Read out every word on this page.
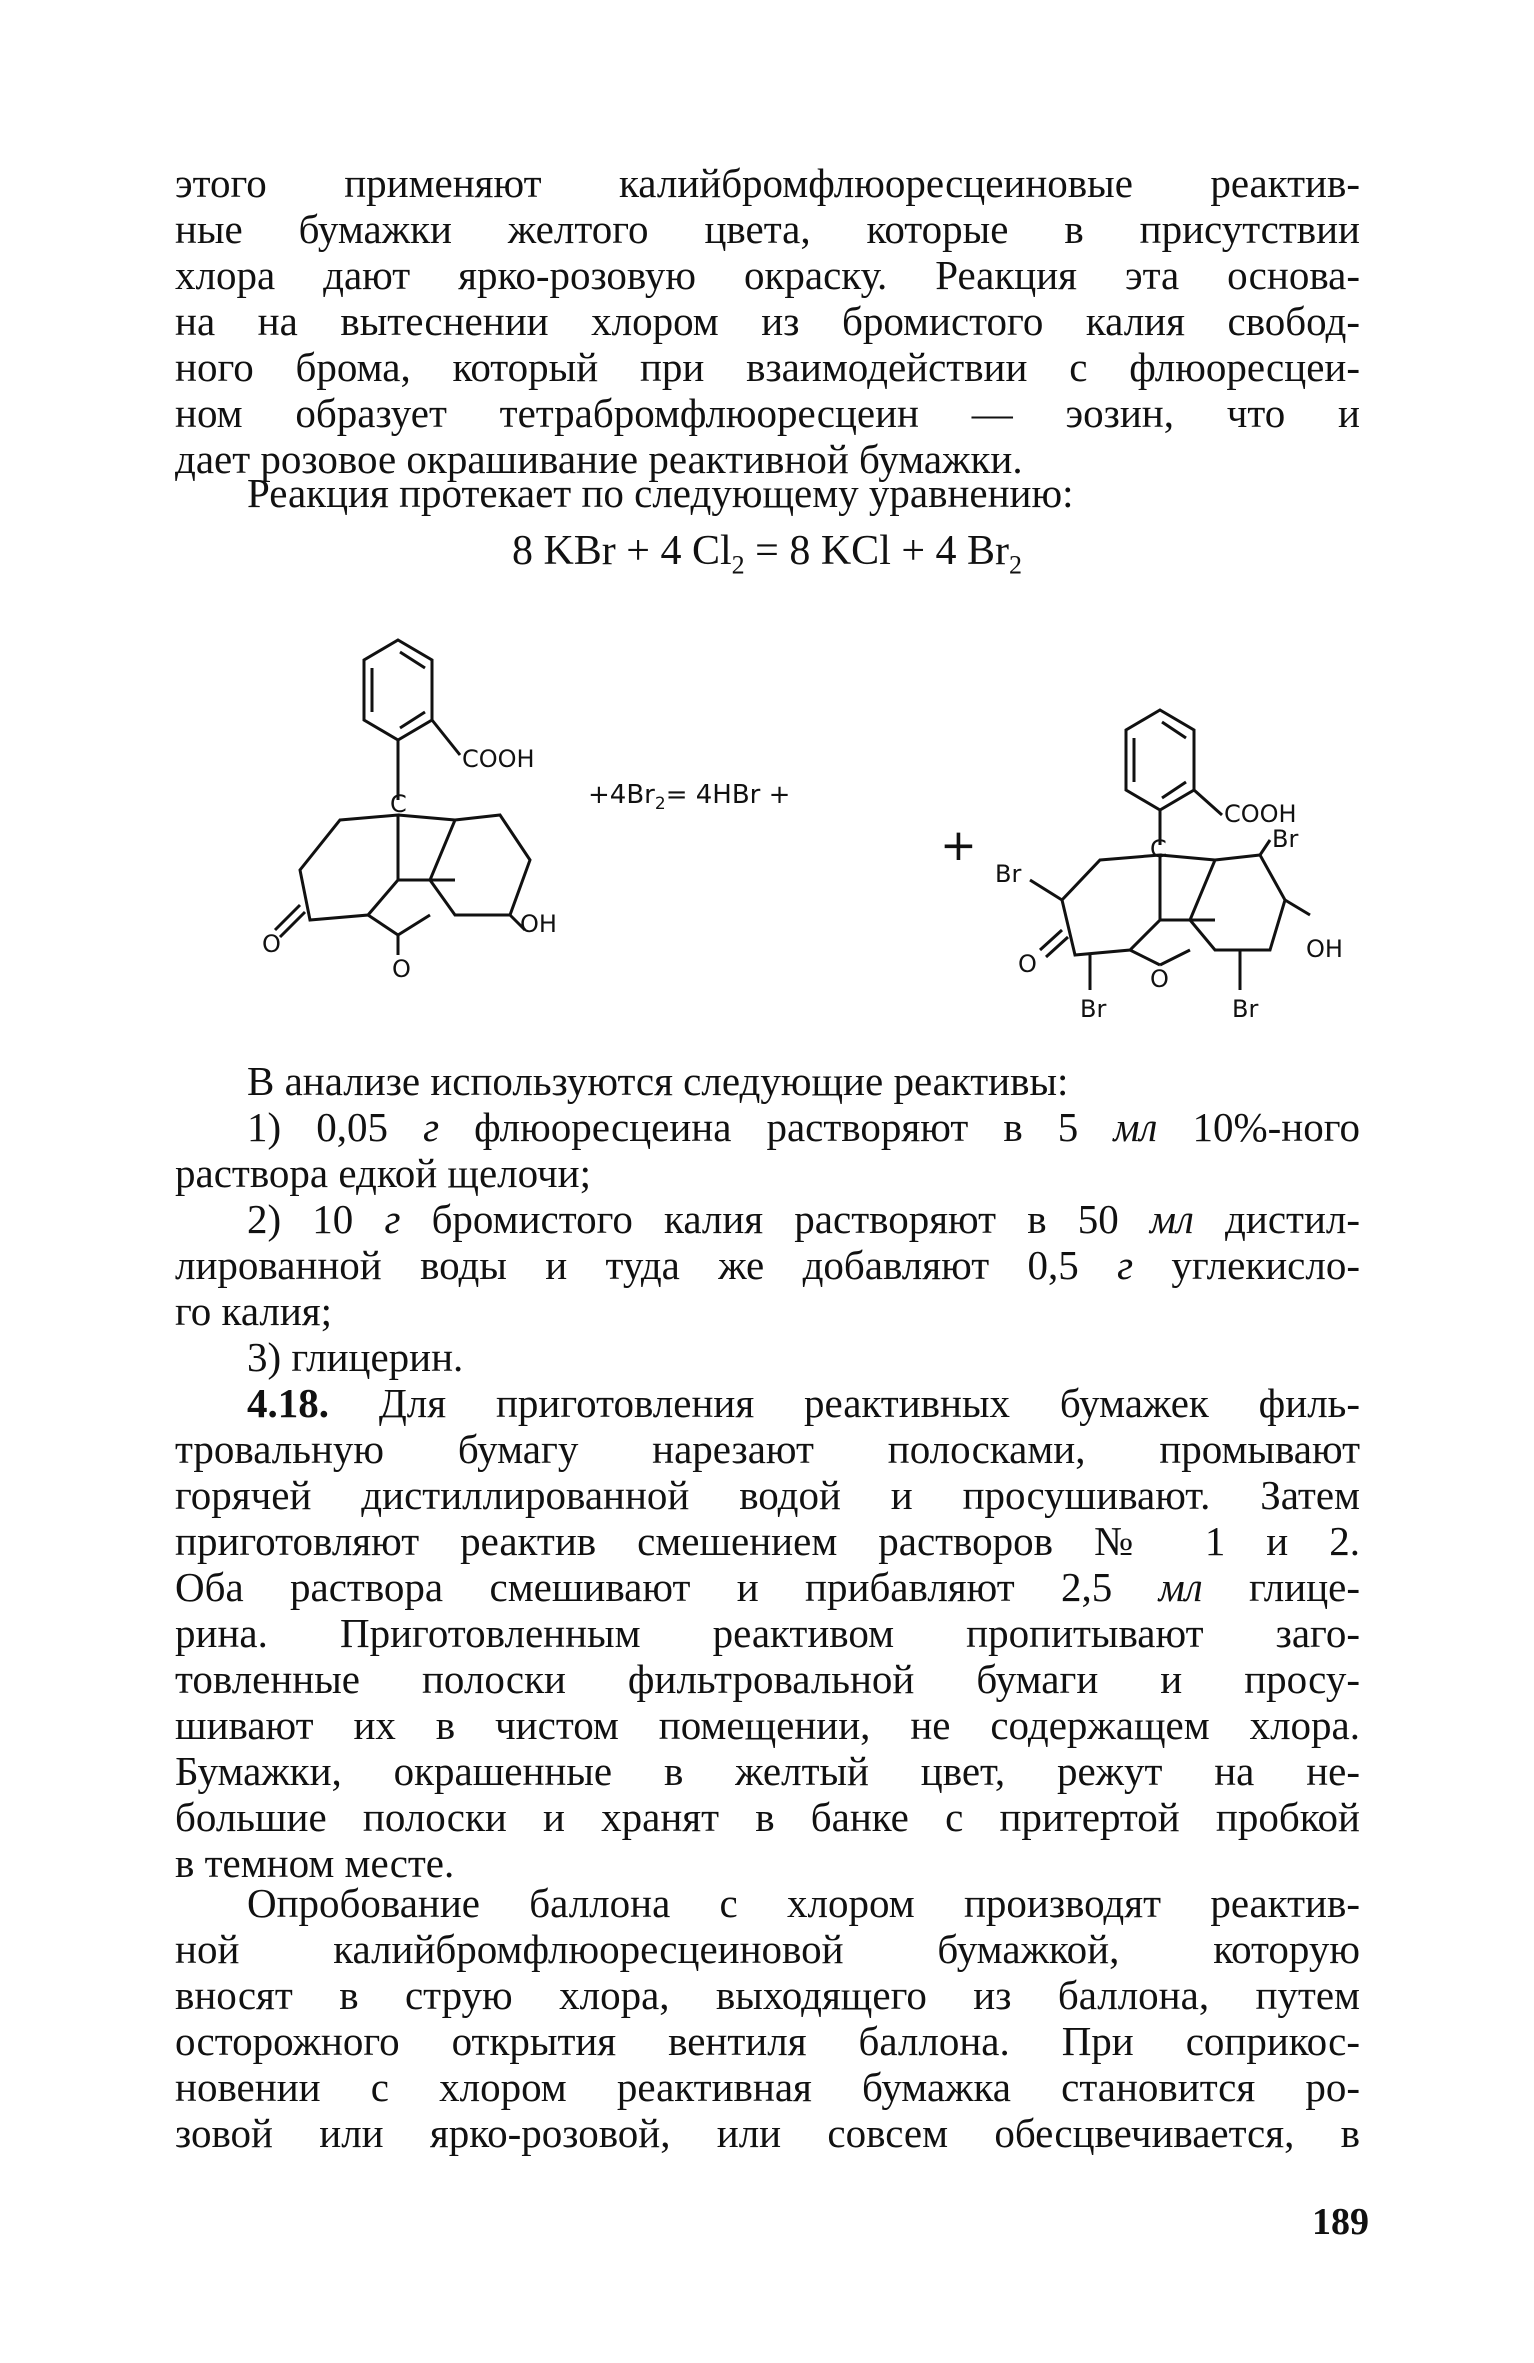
этого применяют калийбромфлюоресцеиновые реактив-
ные бумажки желтого цвета, которые в присутствии
хлора дают ярко-розовую окраску. Реакция эта основа-
на на вытеснении хлором из бромистого калия свобод-
ного брома, который при взаимодействии с флюоресцеи-
ном образует тетрабромфлюоресцеин — эозин, что и
дает розовое окрашивание реактивной бумажки.
Реакция протекает по следующему уравнению:
8 KBr + 4 $Cl_2 = 8$ KCl + 4 $Br_2$
COOH
C
OH
O
O
$+4Br_2= 4HBr$ +
+
COOH
C	Br
Br
OH
O
O
Br	Br
В анализе используются следующие реактивы:
1) 0,05 г флюоресцеина растворяют в 5 мл 10%-ного
раствора едкой щелочи;
2) 10 г бромистого калия растворяют в 50 мл дистил-
лированной воды и туда же добавляют 0,5 г углекисло-
го калия;
3) глицерин.
4.18. Для приготовления реактивных бумажек филь-
тровальную бумагу нарезают полосками, промывают
горячей дистиллированной водой и просушивают. Затем
приготовляют реактив смешением растворов № 1 и 2.
Оба раствора смешивают и прибавляют 2,5 мл глице-
рина. Приготовленным реактивом пропитывают заго-
товленные полоски фильтровальной бумаги и просу-
шивают их в чистом помещении, не содержащем хлора.
Бумажки, окрашенные в желтый цвет, режут на не-
большие полоски и хранят в банке с притертой пробкой
в темном месте.
Опробование баллона с хлором производят реактив-
ной калийбромфлюоресцеиновой бумажкой, которую
вносят в струю хлора, выходящего из баллона, путем
осторожного открытия вентиля баллона. При соприкос-
новении с хлором реактивная бумажка становится ро-
зовой или ярко-розовой, или совсем обесцвечивается, в
189
